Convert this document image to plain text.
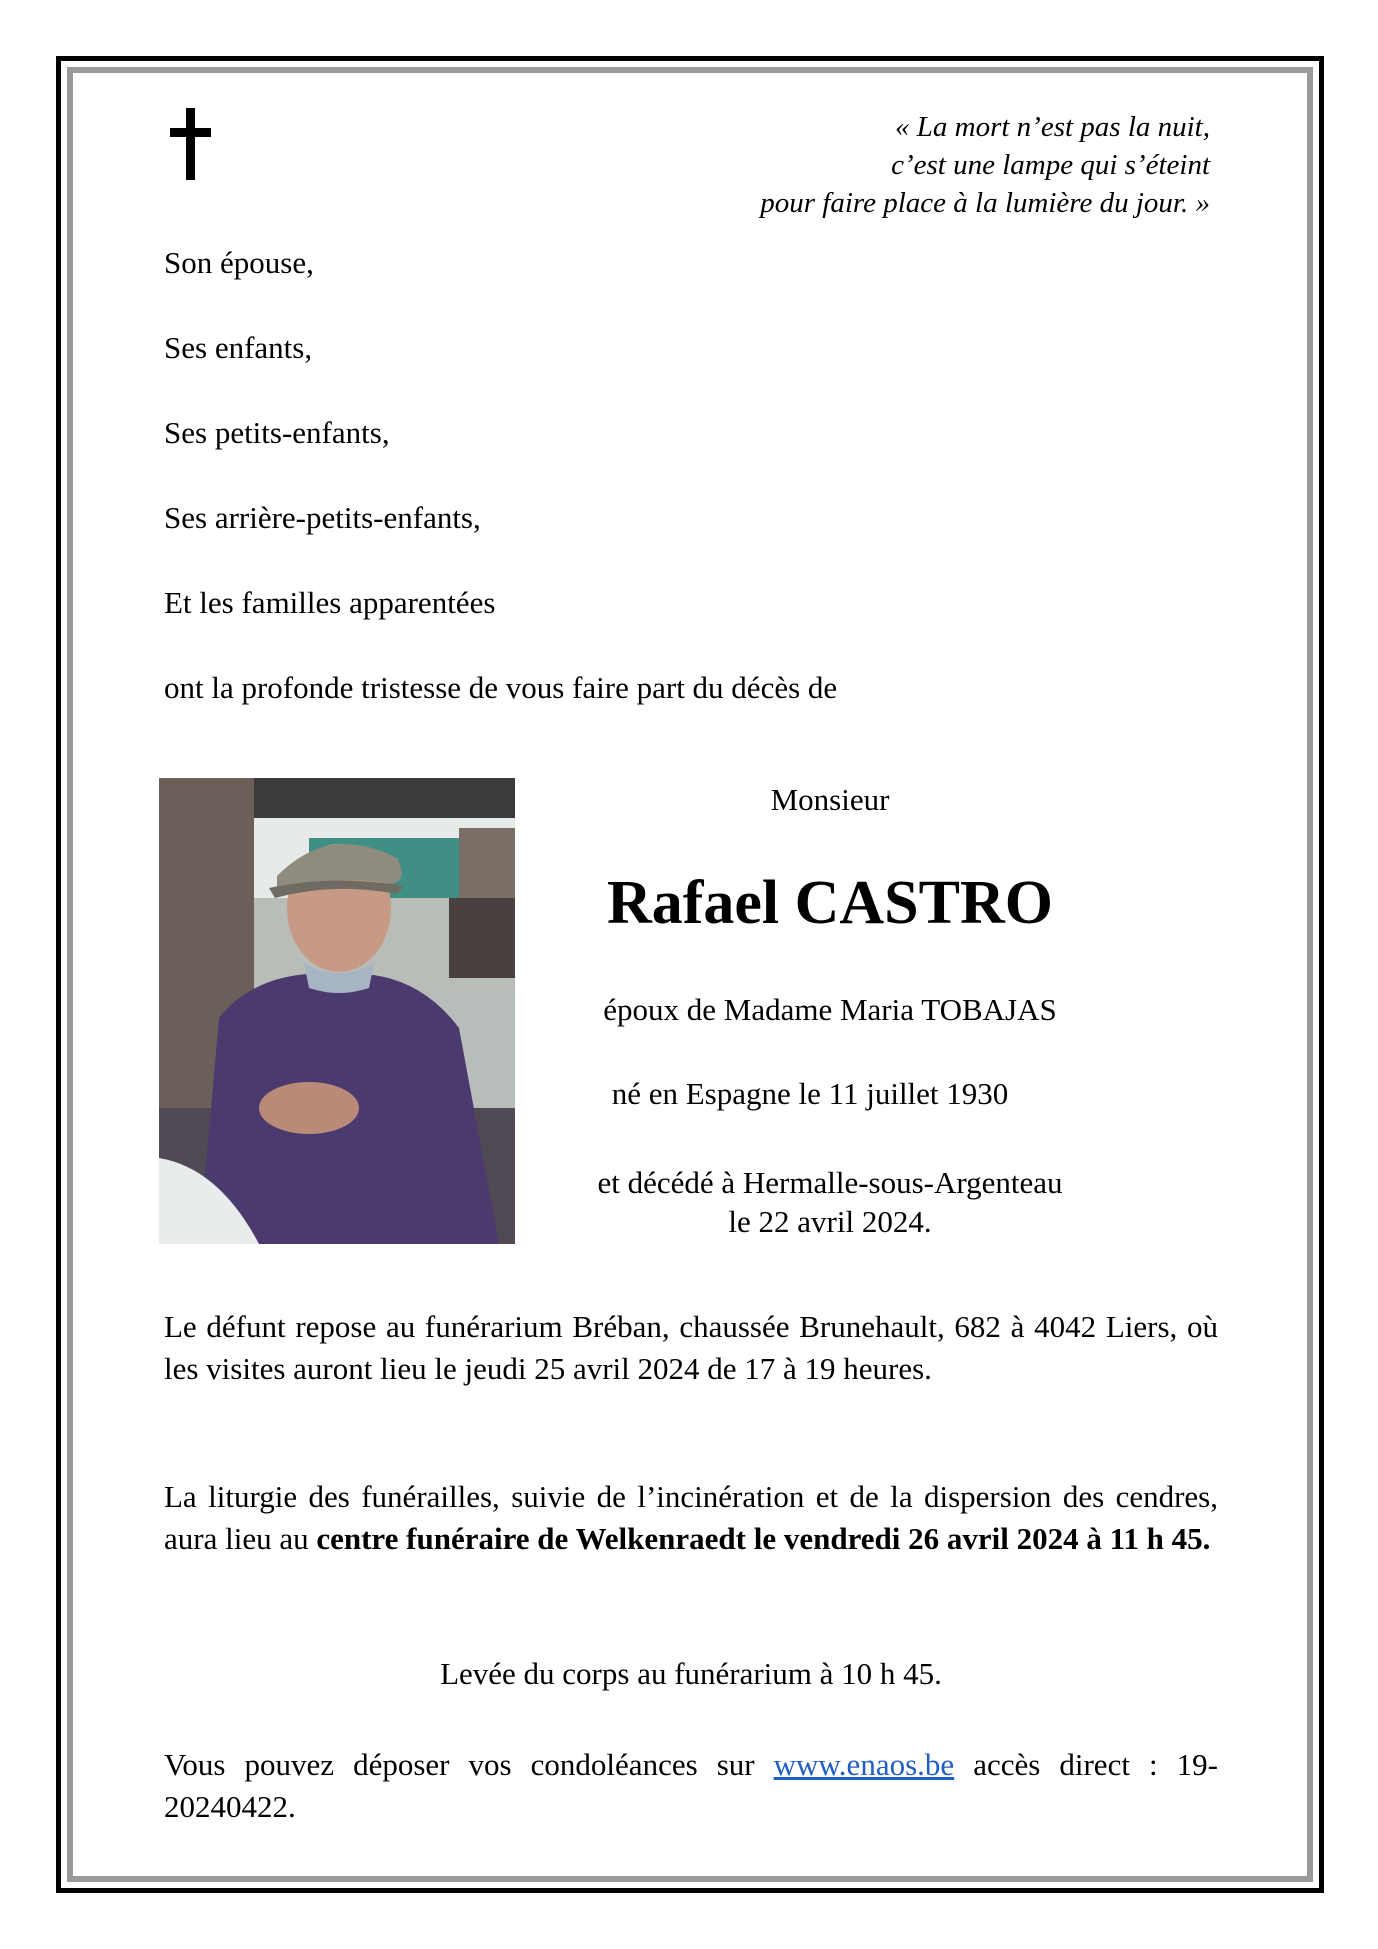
« La mort n’est pas la nuit,
c’est une lampe qui s’éteint
pour faire place à la lumière du jour. »
Son épouse,
Ses enfants,
Ses petits-enfants,
Ses arrière-petits-enfants,
Et les familles apparentées
ont la profonde tristesse de vous faire part du décès de
Monsieur
Rafael CASTRO
époux de Madame Maria TOBAJAS
né en Espagne le 11 juillet 1930
et décédé à Hermalle-sous-Argenteau
le 22 avril 2024.
Le défunt repose au funérarium Bréban, chaussée Brunehault, 682 à 4042 Liers, où les visites auront lieu le jeudi 25 avril 2024 de 17 à 19 heures.
La liturgie des funérailles, suivie de l’incinération et de la dispersion des cendres, aura lieu au centre funéraire de Welkenraedt le vendredi 26 avril 2024 à 11 h 45.
Levée du corps au funérarium à 10 h 45.
Vous pouvez déposer vos condoléances sur www.enaos.be accès direct : 19-20240422.
